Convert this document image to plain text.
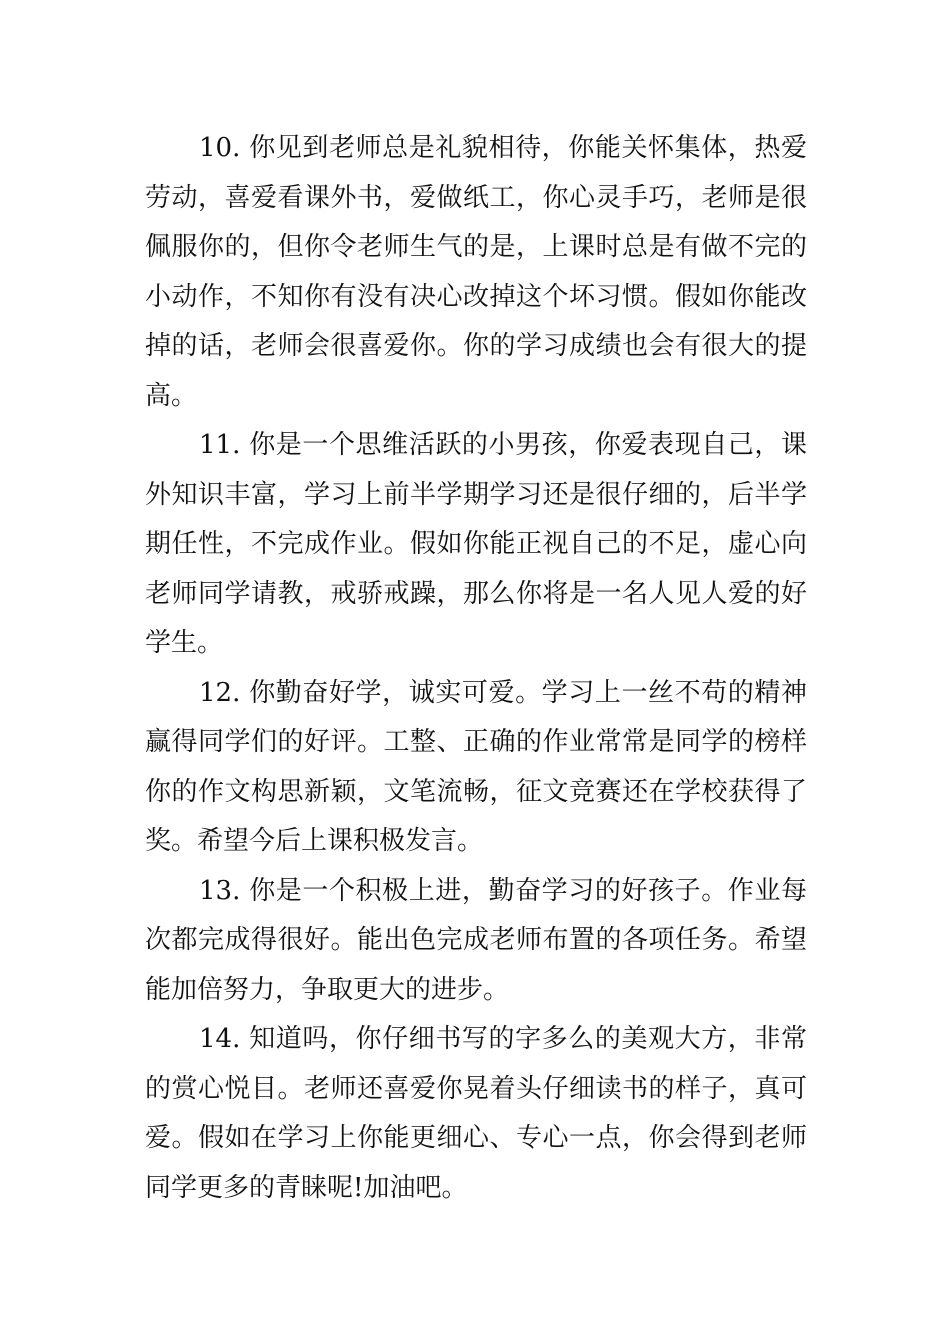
10. 你见到老师总是礼貌相待，你能关怀集体，热爱劳动，喜爱看课外书，爱做纸工，你心灵手巧，老师是很佩服你的，但你令老师生气的是，上课时总是有做不完的小动作，不知你有没有决心改掉这个坏习惯。假如你能改掉的话，老师会很喜爱你。你的学习成绩也会有很大的提高。

11. 你是一个思维活跃的小男孩，你爱表现自己，课外知识丰富，学习上前半学期学习还是很仔细的，后半学期任性，不完成作业。假如你能正视自己的不足，虚心向老师同学请教，戒骄戒躁，那么你将是一名人见人爱的好学生。

12. 你勤奋好学，诚实可爱。学习上一丝不苟的精神赢得同学们的好评。工整、正确的作业常常是同学的榜样你的作文构思新颖，文笔流畅，征文竞赛还在学校获得了奖。希望今后上课积极发言。

13. 你是一个积极上进，勤奋学习的好孩子。作业每次都完成得很好。能出色完成老师布置的各项任务。希望能加倍努力，争取更大的进步。

14. 知道吗，你仔细书写的字多么的美观大方，非常的赏心悦目。老师还喜爱你晃着头仔细读书的样子，真可爱。假如在学习上你能更细心、专心一点，你会得到老师同学更多的青睐呢!加油吧。
